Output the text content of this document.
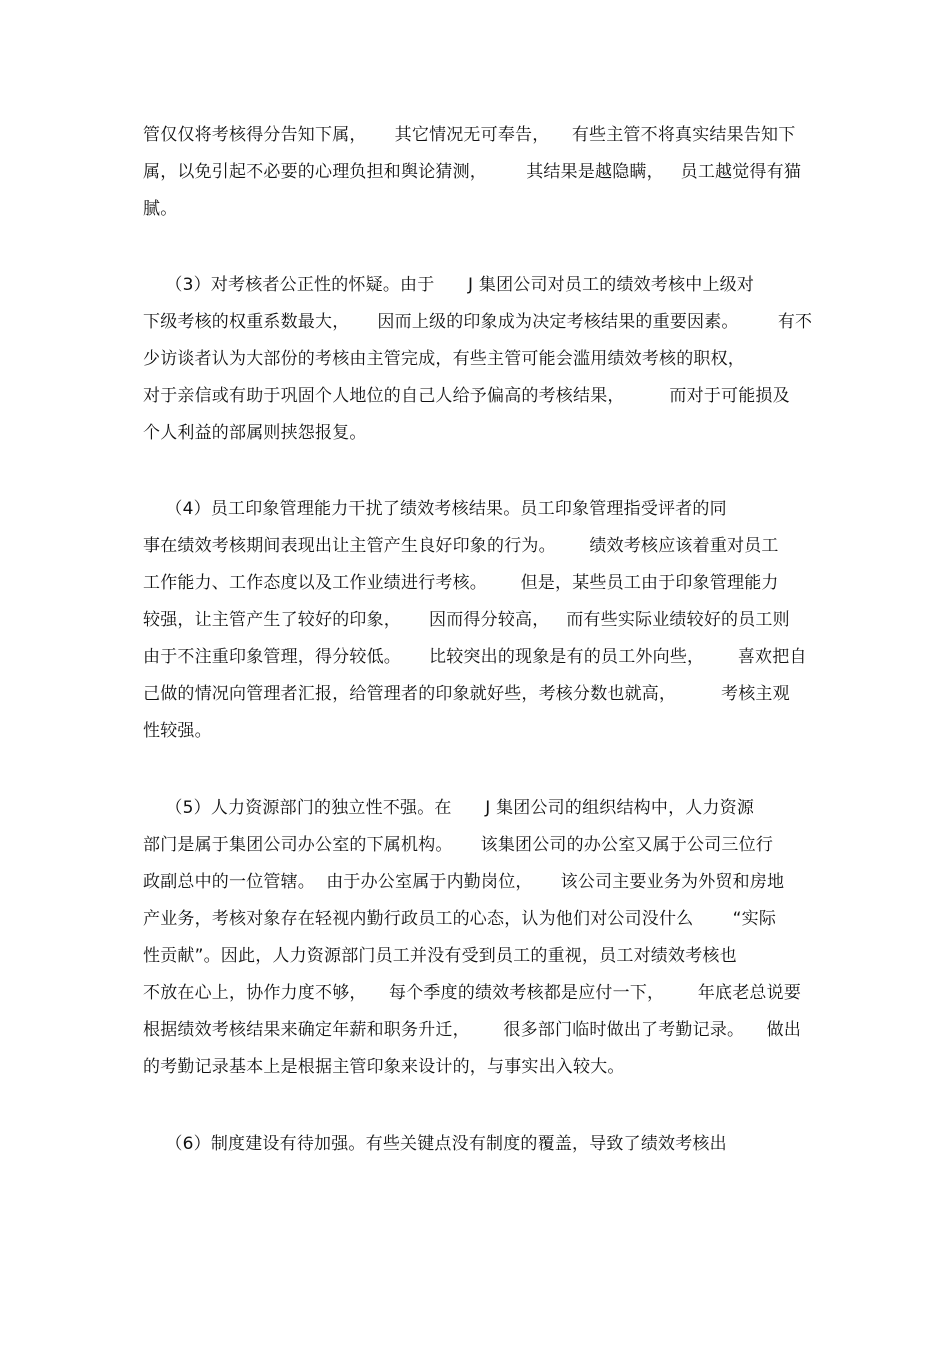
管仅仅将考核得分告知下属，     其它情况无可奉告，    有些主管不将真实结果告知下
属，以免引起不必要的心理负担和舆论猜测，       其结果是越隐瞒，   员工越觉得有猫
腻。
（3）对考核者公正性的怀疑。由于      J 集团公司对员工的绩效考核中上级对
下级考核的权重系数最大，     因而上级的印象成为决定考核结果的重要因素。       有不
少访谈者认为大部份的考核由主管完成，有些主管可能会滥用绩效考核的职权，
对于亲信或有助于巩固个人地位的自己人给予偏高的考核结果，        而对于可能损及
个人利益的部属则挟怨报复。
（4）员工印象管理能力干扰了绩效考核结果。员工印象管理指受评者的同
事在绩效考核期间表现出让主管产生良好印象的行为。      绩效考核应该着重对员工
工作能力、工作态度以及工作业绩进行考核。      但是，某些员工由于印象管理能力
较强，让主管产生了较好的印象，     因而得分较高，   而有些实际业绩较好的员工则
由于不注重印象管理，得分较低。     比较突出的现象是有的员工外向些，      喜欢把自
己做的情况向管理者汇报，给管理者的印象就好些，考核分数也就高，        考核主观
性较强。
（5）人力资源部门的独立性不强。在      J 集团公司的组织结构中，人力资源
部门是属于集团公司办公室的下属机构。     该集团公司的办公室又属于公司三位行
政副总中的一位管辖。  由于办公室属于内勤岗位，     该公司主要业务为外贸和房地
产业务，考核对象存在轻视内勤行政员工的心态，认为他们对公司没什么       “实际
性贡献”。因此，人力资源部门员工并没有受到员工的重视，员工对绩效考核也
不放在心上，协作力度不够，    每个季度的绩效考核都是应付一下，      年底老总说要
根据绩效考核结果来确定年薪和职务升迁，      很多部门临时做出了考勤记录。    做出
的考勤记录基本上是根据主管印象来设计的，与事实出入较大。
（6）制度建设有待加强。有些关键点没有制度的覆盖，导致了绩效考核出
